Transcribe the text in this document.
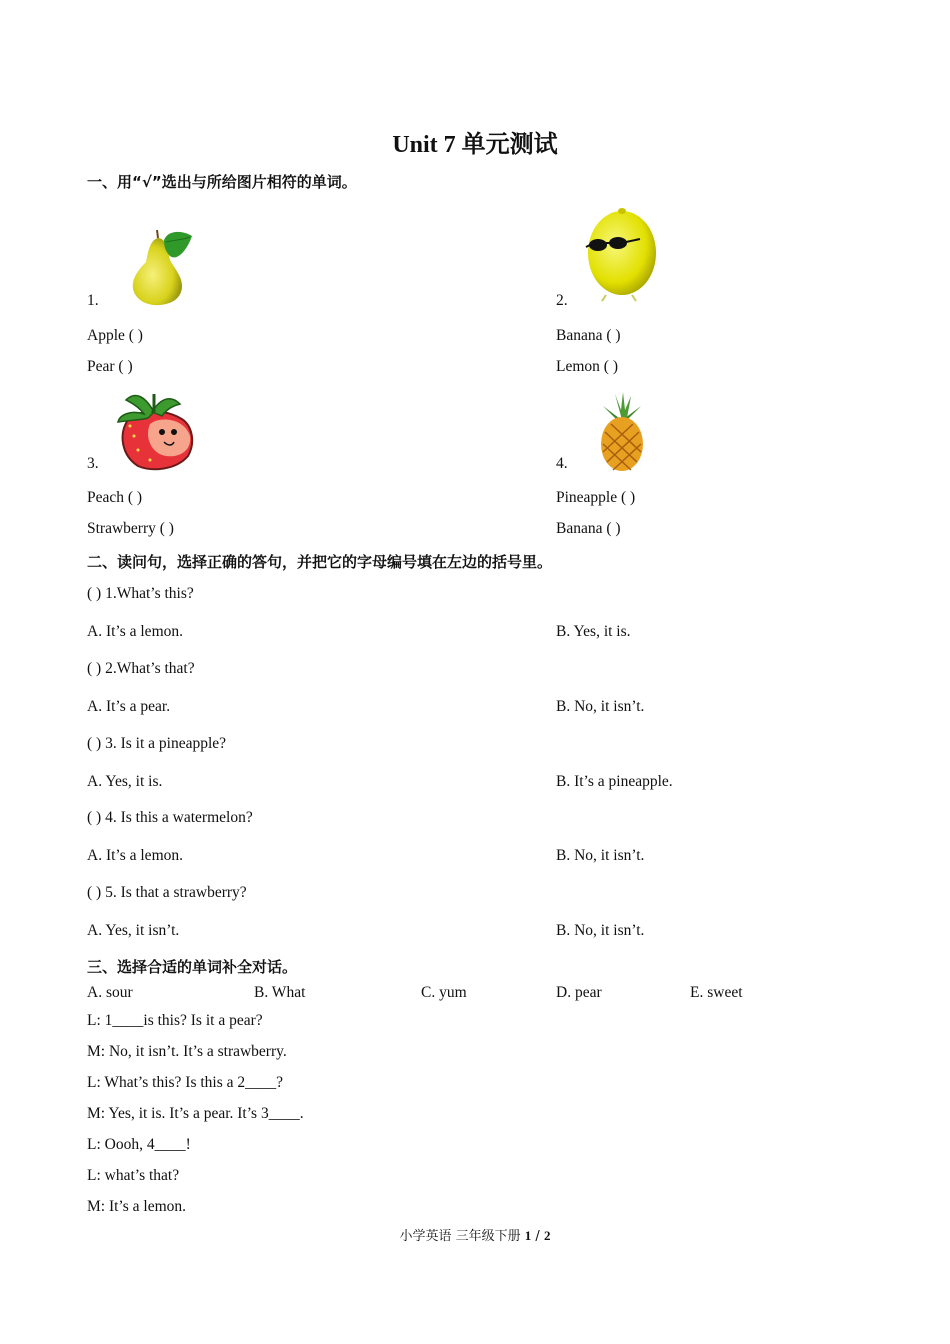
Unit 7 单元测试
一、用“√”选出与所给图片相符的单词。
1.
Apple ( )
Pear ( )
2.
Banana ( )
Lemon ( )
3.
Peach ( )
Strawberry ( )
4.
Pineapple ( )
Banana ( )
二、读问句，选择正确的答句，并把它的字母编号填在左边的括号里。
( ) 1.What’s this?
A. It’s a lemon.	B. Yes, it is.
( ) 2.What’s that?
A. It’s a pear.	B. No, it isn’t.
( ) 3. Is it a pineapple?
A. Yes, it is.	B. It’s a pineapple.
( ) 4. Is this a watermelon?
A. It’s a lemon.	B. No, it isn’t.
( ) 5. Is that a strawberry?
A. Yes, it isn’t.	B. No, it isn’t.
三、选择合适的单词补全对话。
A. sour	B. What	C. yum	D. pear	E. sweet
L: 1____is this? Is it a pear?
M: No, it isn’t. It’s a strawberry.
L: What’s this? Is this a 2____?
M: Yes, it is. It’s a pear. It’s 3____.
L: Oooh, 4____!
L: what’s that?
M: It’s a lemon.
小学英语 三年级下册 1 / 2
